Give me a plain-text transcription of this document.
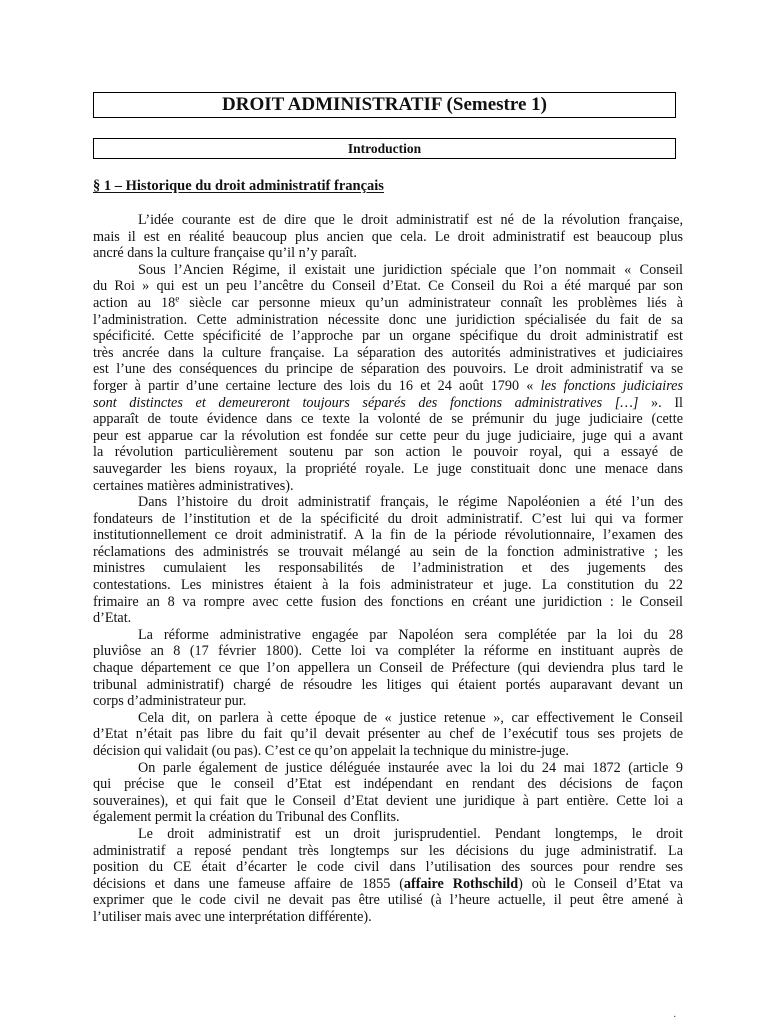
DROIT ADMINISTRATIF (Semestre 1)
Introduction
§ 1 – Historique du droit administratif français
L’idée courante est de dire que le droit administratif est né de la révolution française,
mais il est en réalité beaucoup plus ancien que cela. Le droit administratif est beaucoup plus
ancré dans la culture française qu’il n’y paraît.
Sous l’Ancien Régime, il existait une juridiction spéciale que l’on nommait « Conseil
du Roi » qui est un peu l’ancêtre du Conseil d’Etat. Ce Conseil du Roi a été marqué par son
action au 18e siècle car personne mieux qu’un administrateur connaît les problèmes liés à
l’administration. Cette administration nécessite donc une juridiction spécialisée du fait de sa
spécificité. Cette spécificité de l’approche par un organe spécifique du droit administratif est
très ancrée dans la culture française. La séparation des autorités administratives et judiciaires
est l’une des conséquences du principe de séparation des pouvoirs. Le droit administratif va se
forger à partir d’une certaine lecture des lois du 16 et 24 août 1790 « les fonctions judiciaires
sont distinctes et demeureront toujours séparés des fonctions administratives […] ». Il
apparaît de toute évidence dans ce texte la volonté de se prémunir du juge judiciaire (cette
peur est apparue car la révolution est fondée sur cette peur du juge judiciaire, juge qui a avant
la révolution particulièrement soutenu par son action le pouvoir royal, qui a essayé de
sauvegarder les biens royaux, la propriété royale. Le juge constituait donc une menace dans
certaines matières administratives).
Dans l’histoire du droit administratif français, le régime Napoléonien a été l’un des
fondateurs de l’institution et de la spécificité du droit administratif. C’est lui qui va former
institutionnellement ce droit administratif. A la fin de la période révolutionnaire, l’examen des
réclamations des administrés se trouvait mélangé au sein de la fonction administrative ; les
ministres cumulaient les responsabilités de l’administration et des jugements des
contestations. Les ministres étaient à la fois administrateur et juge. La constitution du 22
frimaire an 8 va rompre avec cette fusion des fonctions en créant une juridiction : le Conseil
d’Etat.
La réforme administrative engagée par Napoléon sera complétée par la loi du 28
pluviôse an 8 (17 février 1800). Cette loi va compléter la réforme en instituant auprès de
chaque département ce que l’on appellera un Conseil de Préfecture (qui deviendra plus tard le
tribunal administratif) chargé de résoudre les litiges qui étaient portés auparavant devant un
corps d’administrateur pur.
Cela dit, on parlera à cette époque de « justice retenue », car effectivement le Conseil
d’Etat n’était pas libre du fait qu’il devait présenter au chef de l’exécutif tous ses projets de
décision qui validait (ou pas). C’est ce qu’on appelait la technique du ministre-juge.
On parle également de justice déléguée instaurée avec la loi du 24 mai 1872 (article 9
qui précise que le conseil d’Etat est indépendant en rendant des décisions de façon
souveraines), et qui fait que le Conseil d’Etat devient une juridique à part entière. Cette loi a
également permit la création du Tribunal des Conflits.
Le droit administratif est un droit jurisprudentiel. Pendant longtemps, le droit
administratif a reposé pendant très longtemps sur les décisions du juge administratif. La
position du CE était d’écarter le code civil dans l’utilisation des sources pour rendre ses
décisions et dans une fameuse affaire de 1855 (affaire Rothschild) où le Conseil d’Etat va
exprimer que le code civil ne devait pas être utilisé (à l’heure actuelle, il peut être amené à
l’utiliser mais avec une interprétation différente).
.
